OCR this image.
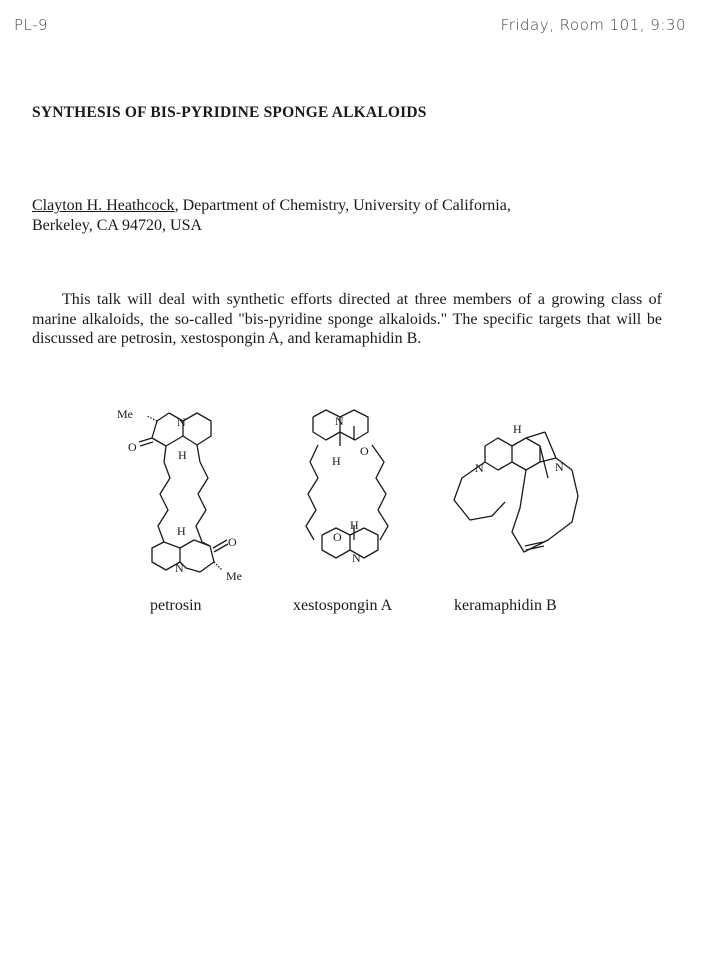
PL-9	Friday, Room 101, 9:30
SYNTHESIS OF BIS-PYRIDINE SPONGE ALKALOIDS
Clayton H. Heathcock, Department of Chemistry, University of California,
Berkeley, CA 94720, USA

This talk will deal with synthetic efforts directed at three members of a growing class of marine alkaloids, the so-called "bis-pyridine sponge alkaloids." The specific targets that will be discussed are petrosin, xestospongin A, and keramaphidin B.

Me
N
O
H
H
N
O
Me
N
O
H
O
H
N
N
H
N
petrosin	xestospongin A	keramaphidin B
